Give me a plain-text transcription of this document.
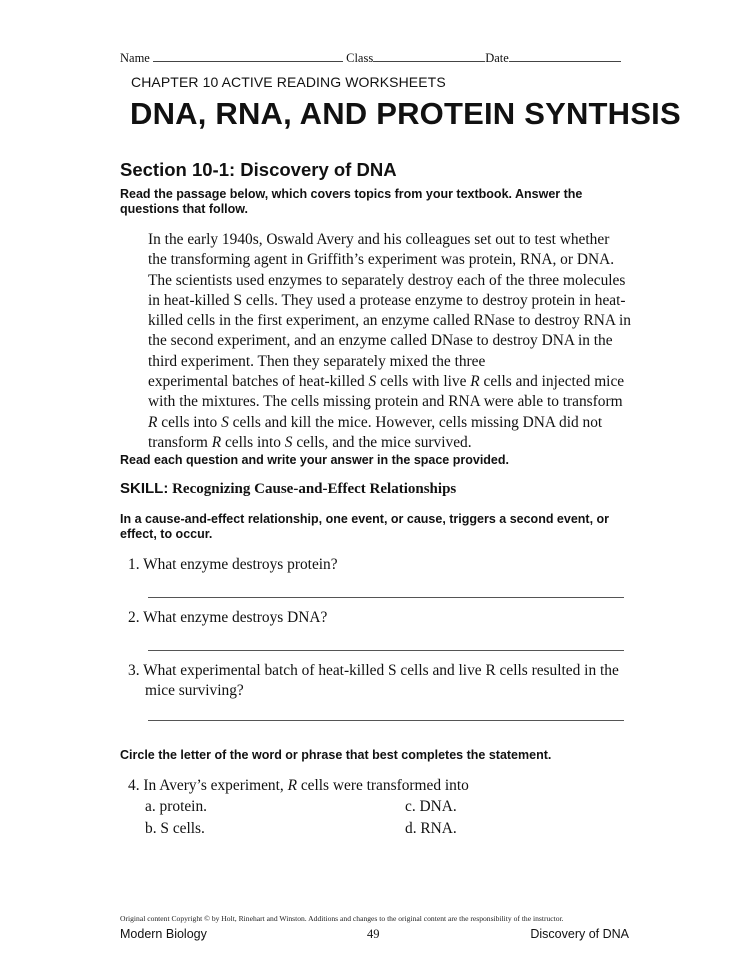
Name	Class	Date
CHAPTER 10 ACTIVE READING WORKSHEETS
DNA, RNA, AND PROTEIN SYNTHSIS
Section 10-1: Discovery of DNA
Read the passage below, which covers topics from your textbook. Answer the
questions that follow.
In the early 1940s, Oswald Avery and his colleagues set out to test whether
the transforming agent in Griffith’s experiment was protein, RNA, or DNA.
The scientists used enzymes to separately destroy each of the three molecules
in heat-killed S cells. They used a protease enzyme to destroy protein in heat-
killed cells in the first experiment, an enzyme called RNase to destroy RNA in
the second experiment, and an enzyme called DNase to destroy DNA in the
third experiment. Then they separately mixed the three
experimental batches of heat-killed S cells with live R cells and injected mice
with the mixtures. The cells missing protein and RNA were able to transform
R cells into S cells and kill the mice. However, cells missing DNA did not
transform R cells into S cells, and the mice survived.
Read each question and write your answer in the space provided.
SKILL: Recognizing Cause-and-Effect Relationships
In a cause-and-effect relationship, one event, or cause, triggers a second event, or
effect, to occur.
1. What enzyme destroys protein?
2. What enzyme destroys DNA?
3. What experimental batch of heat-killed S cells and live R cells resulted in the
mice surviving?
Circle the letter of the word or phrase that best completes the statement.
4. In Avery’s experiment, R cells were transformed into
a. protein.
b. S cells.
c. DNA.
d. RNA.
Original content Copyright © by Holt, Rinehart and Winston. Additions and changes to the original content are the responsibility of the instructor.
Modern Biology	49	Discovery of DNA
